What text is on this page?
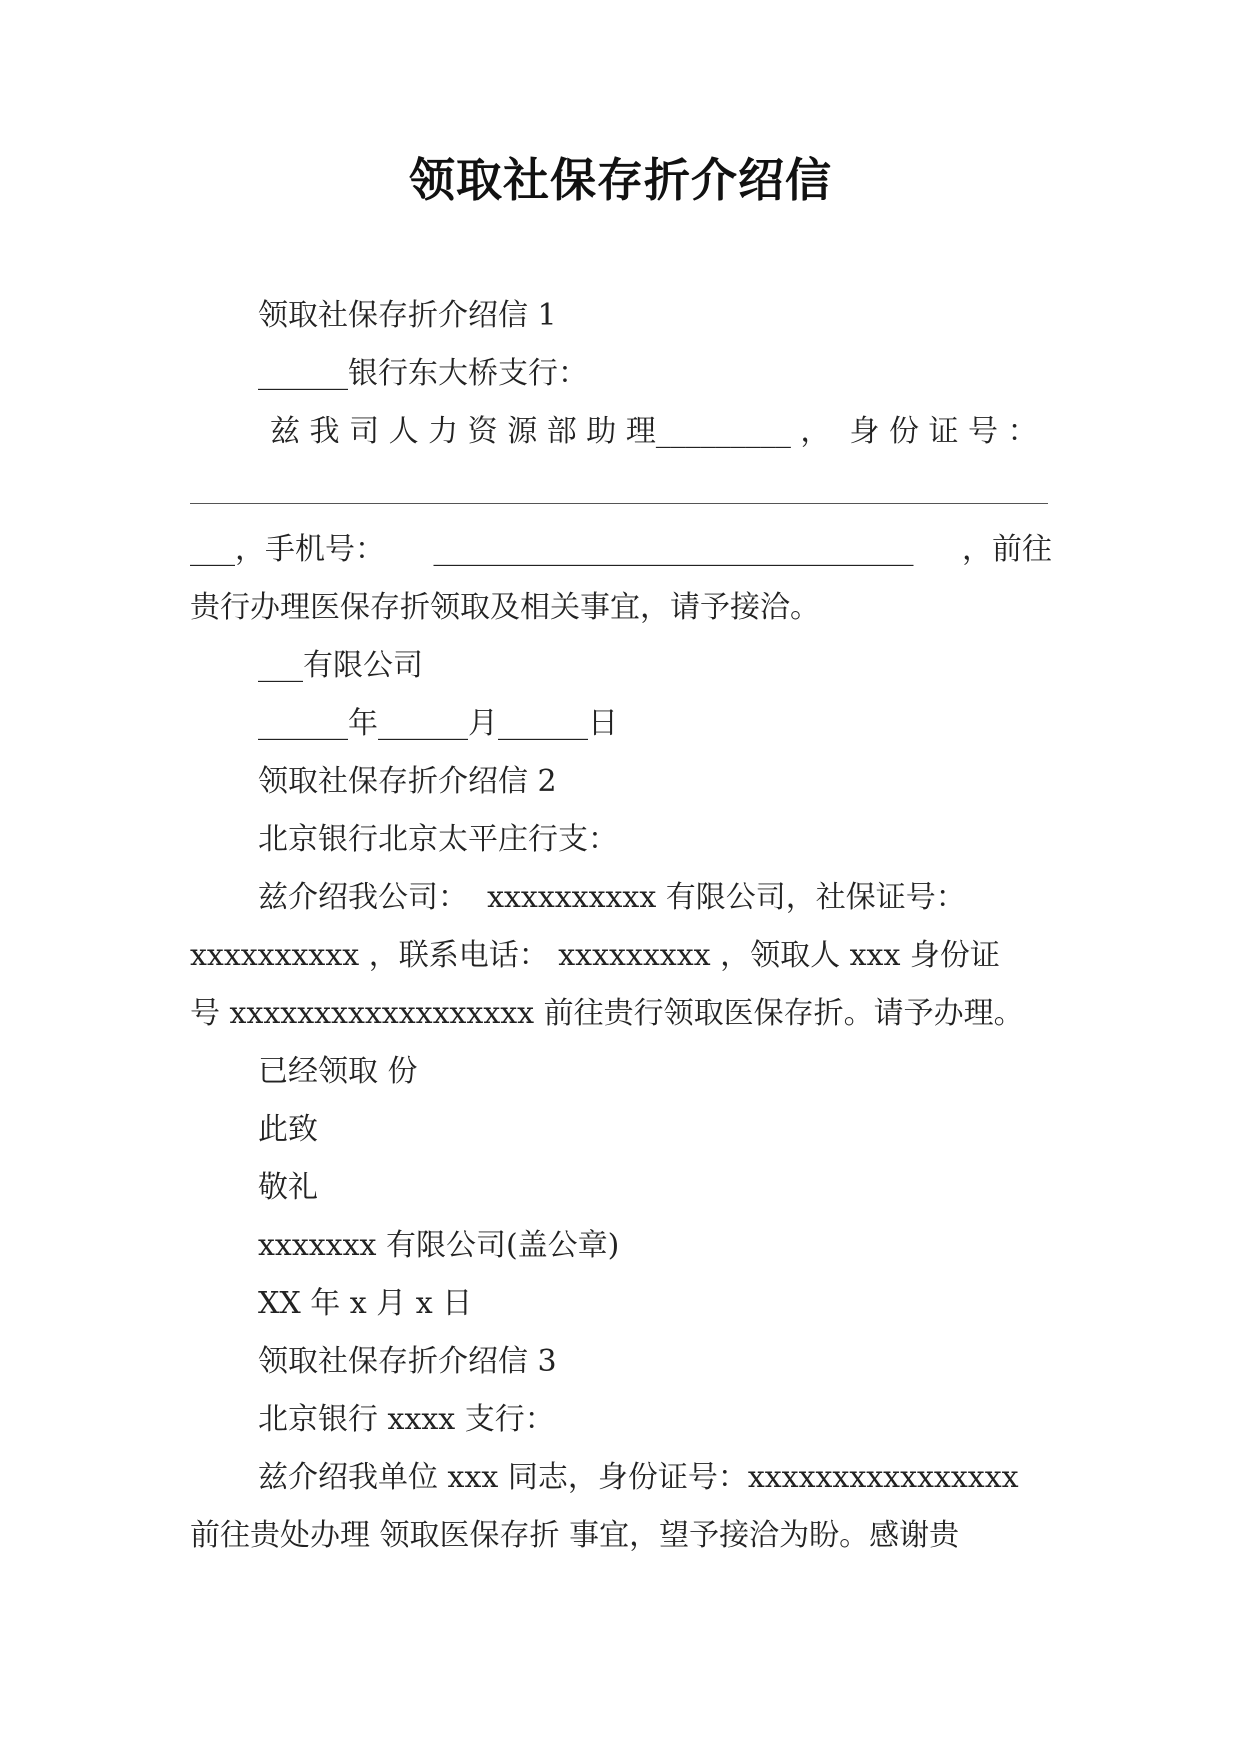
领取社保存折介绍信
领取社保存折介绍信 1
______银行东大桥支行：
兹 我 司 人 力 资 源 部 助 理_________ ，  身 份 证 号 ：
___，手机号： ________________________________ ，前往
贵行办理医保存折领取及相关事宜，请予接洽。
___有限公司
______年______月______日
领取社保存折介绍信 2
北京银行北京太平庄行支：
兹介绍我公司：  xxxxxxxxxx 有限公司，社保证号：
xxxxxxxxxx ，联系电话： xxxxxxxxx ，领取人 xxx 身份证
号 xxxxxxxxxxxxxxxxxx 前往贵行领取医保存折。请予办理。
已经领取 份
此致
敬礼
xxxxxxx 有限公司(盖公章)
XX 年 x 月 x 日
领取社保存折介绍信 3
北京银行 xxxx 支行：
兹介绍我单位 xxx 同志，身份证号：xxxxxxxxxxxxxxxx
前往贵处办理 领取医保存折 事宜，望予接洽为盼。感谢贵
